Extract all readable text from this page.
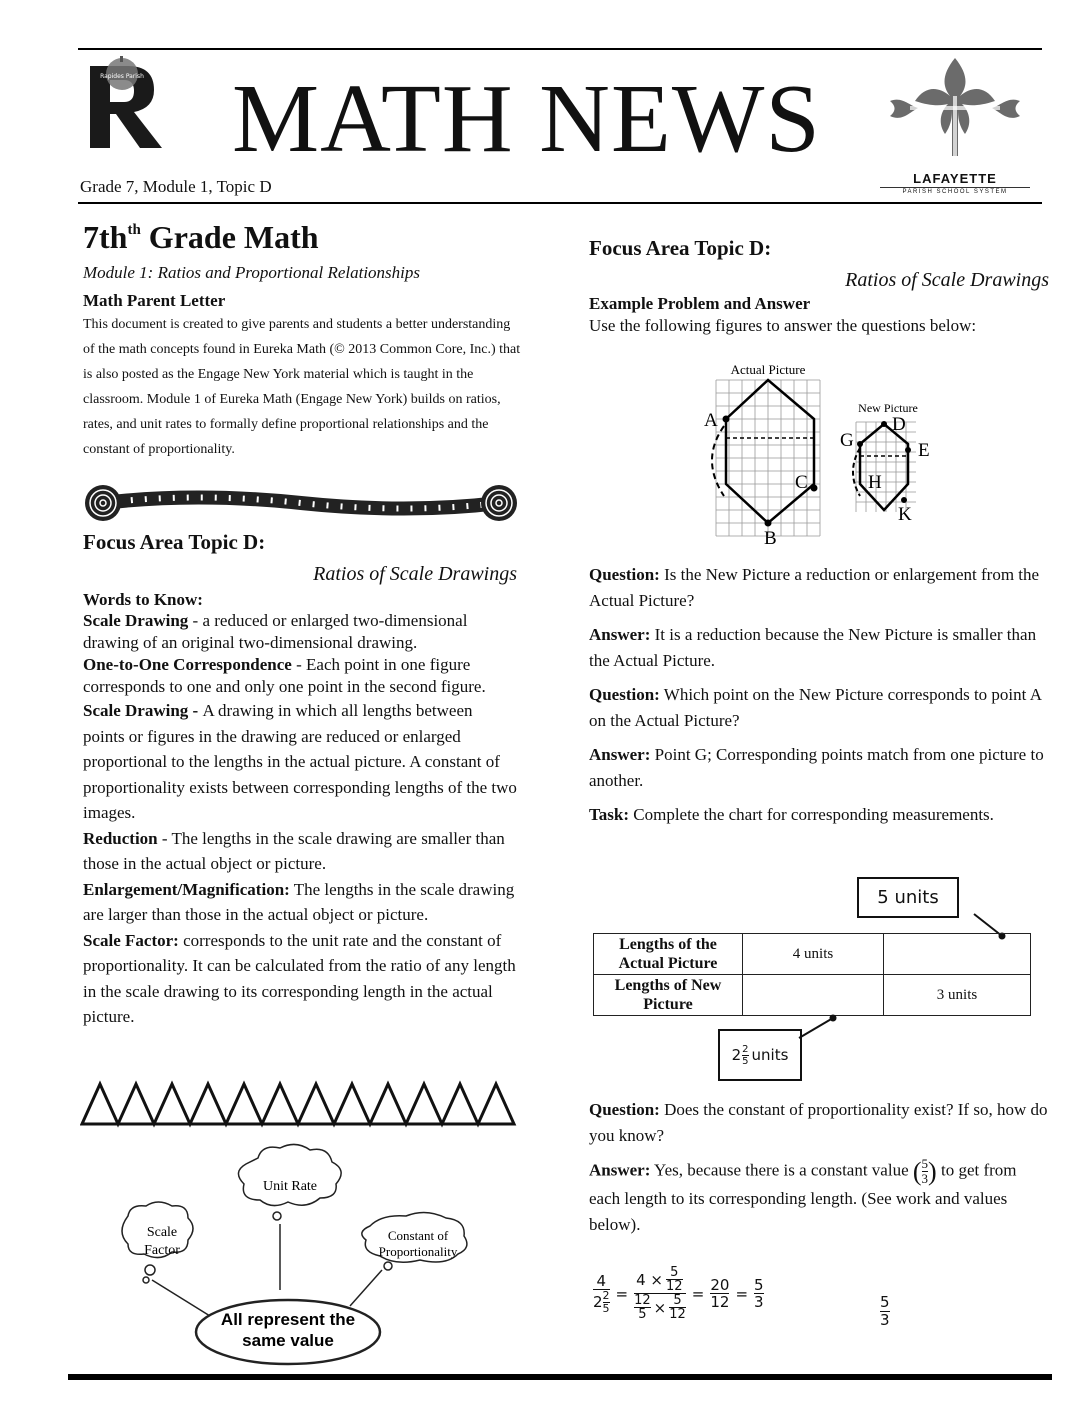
Rapides Parish
R
MATH NEWS
LAFAYETTE
PARISH SCHOOL SYSTEM
Grade 7, Module 1, Topic D
$7th^{th}$ Grade Math
Module 1: Ratios and Proportional Relationships
Math Parent Letter
This document is created to give parents and students a better understanding of the math concepts found in Eureka Math (© 2013 Common Core, Inc.) that is also posted as the Engage New York material which is taught in the classroom. Module 1 of Eureka Math (Engage New York) builds on ratios, rates, and unit rates to formally define proportional relationships and the constant of proportionality.
Focus Area Topic D:
Ratios of Scale Drawings
Words to Know:
Scale Drawing - a reduced or enlarged two-dimensional drawing of an original two-dimensional drawing.
One-to-One Correspondence - Each point in one figure corresponds to one and only one point in the second figure.
Scale Drawing - A drawing in which all lengths between points or figures in the drawing are reduced or enlarged proportional to the lengths in the actual picture. A constant of proportionality exists between corresponding lengths of the two images.
Reduction - The lengths in the scale drawing are smaller than those in the actual object or picture.
Enlargement/Magnification: The lengths in the scale drawing are larger than those in the actual object or picture.
Scale Factor: corresponds to the unit rate and the constant of proportionality. It can be calculated from the ratio of any length in the scale drawing to its corresponding length in the actual picture.
Unit Rate
Scale
Factor
Constant of
Proportionality
All represent the
same value
Focus Area Topic D:
Ratios of Scale Drawings
Example Problem and Answer
Use the following figures to answer the questions below:
Actual Picture
A
B
C
New Picture
G
D
E
H
K

Question: Is the New Picture a reduction or enlargement from the Actual Picture?

Answer: It is a reduction because the New Picture is smaller than the Actual Picture.

Question: Which point on the New Picture corresponds to point A on the Actual Picture?

Answer: Point G; Corresponding points match from one picture to another.

Task: Complete the chart for corresponding measurements.

5 units
Lengths of the Actual Picture	4 units	
Lengths of New Picture		3 units
2 2
5 units

Question: Does the constant of proportionality exist? If so, how do you know?

Answer: Yes, because there is a constant value ( 5
3 ) to get from each length to its corresponding length. (See work and values below).

4
2 2
$5 = \frac{4 \times \frac{5}{12}}{\frac{12}{5} \times \frac{5}{12}} = \frac{20}{12} = \frac{5}{3}$	5
3
